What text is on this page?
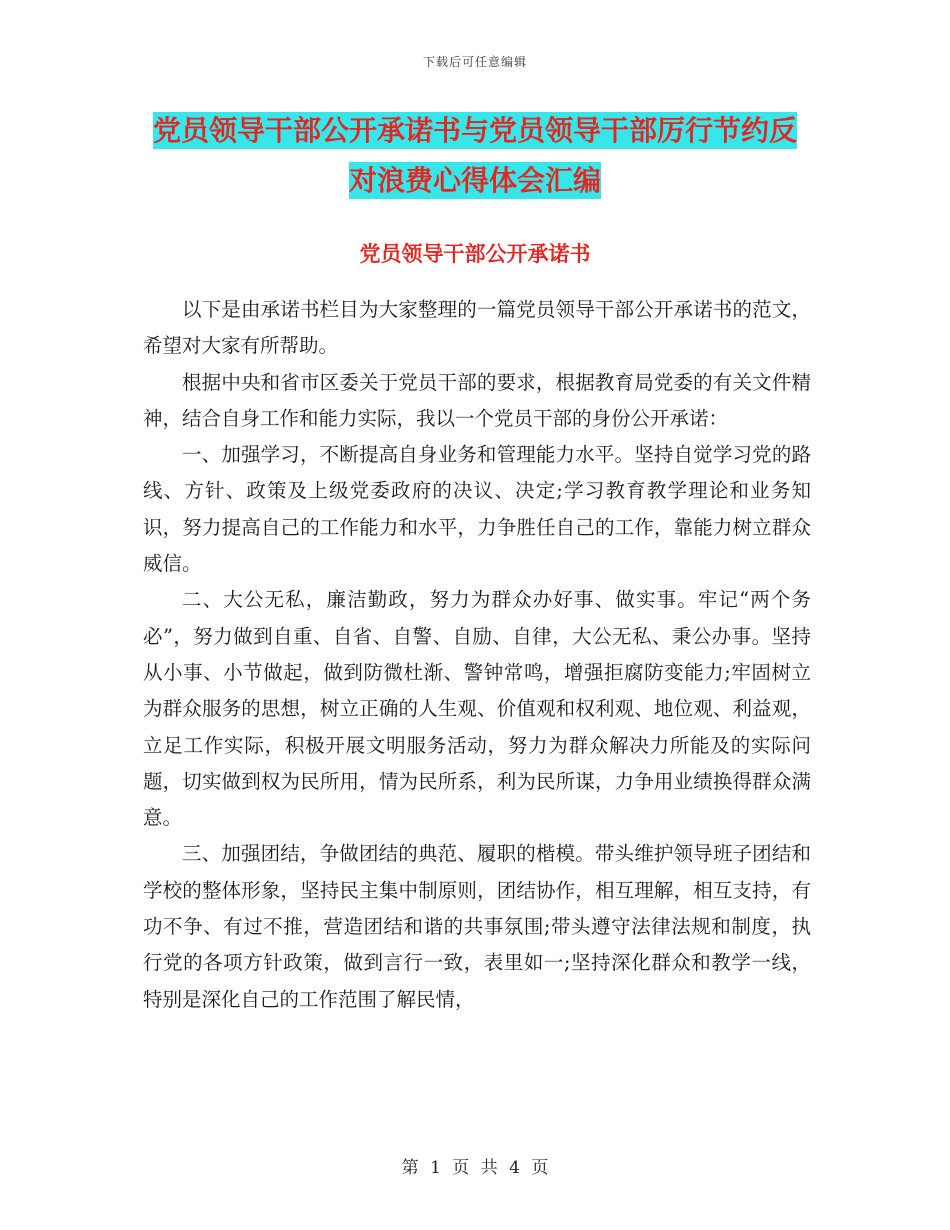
下载后可任意编辑
党员领导干部公开承诺书与党员领导干部厉行节约反
对浪费心得体会汇编
党员领导干部公开承诺书

以下是由承诺书栏目为大家整理的一篇党员领导干部公开承诺书的范文，希望对大家有所帮助。

根据中央和省市区委关于党员干部的要求，根据教育局党委的有关文件精神，结合自身工作和能力实际，我以一个党员干部的身份公开承诺：

一、加强学习，不断提高自身业务和管理能力水平。坚持自觉学习党的路线、方针、政策及上级党委政府的决议、决定;学习教育教学理论和业务知识，努力提高自己的工作能力和水平，力争胜任自己的工作，靠能力树立群众威信。

二、大公无私，廉洁勤政，努力为群众办好事、做实事。牢记“两个务必”，努力做到自重、自省、自警、自励、自律，大公无私、秉公办事。坚持从小事、小节做起，做到防微杜渐、警钟常鸣，增强拒腐防变能力;牢固树立为群众服务的思想，树立正确的人生观、价值观和权利观、地位观、利益观，立足工作实际，积极开展文明服务活动，努力为群众解决力所能及的实际问题，切实做到权为民所用，情为民所系，利为民所谋，力争用业绩换得群众满意。

三、加强团结，争做团结的典范、履职的楷模。带头维护领导班子团结和学校的整体形象，坚持民主集中制原则，团结协作，相互理解，相互支持，有功不争、有过不推，营造团结和谐的共事氛围;带头遵守法律法规和制度，执行党的各项方针政策，做到言行一致，表里如一;坚持深化群众和教学一线，特别是深化自己的工作范围了解民情，

第 1 页 共 4 页
